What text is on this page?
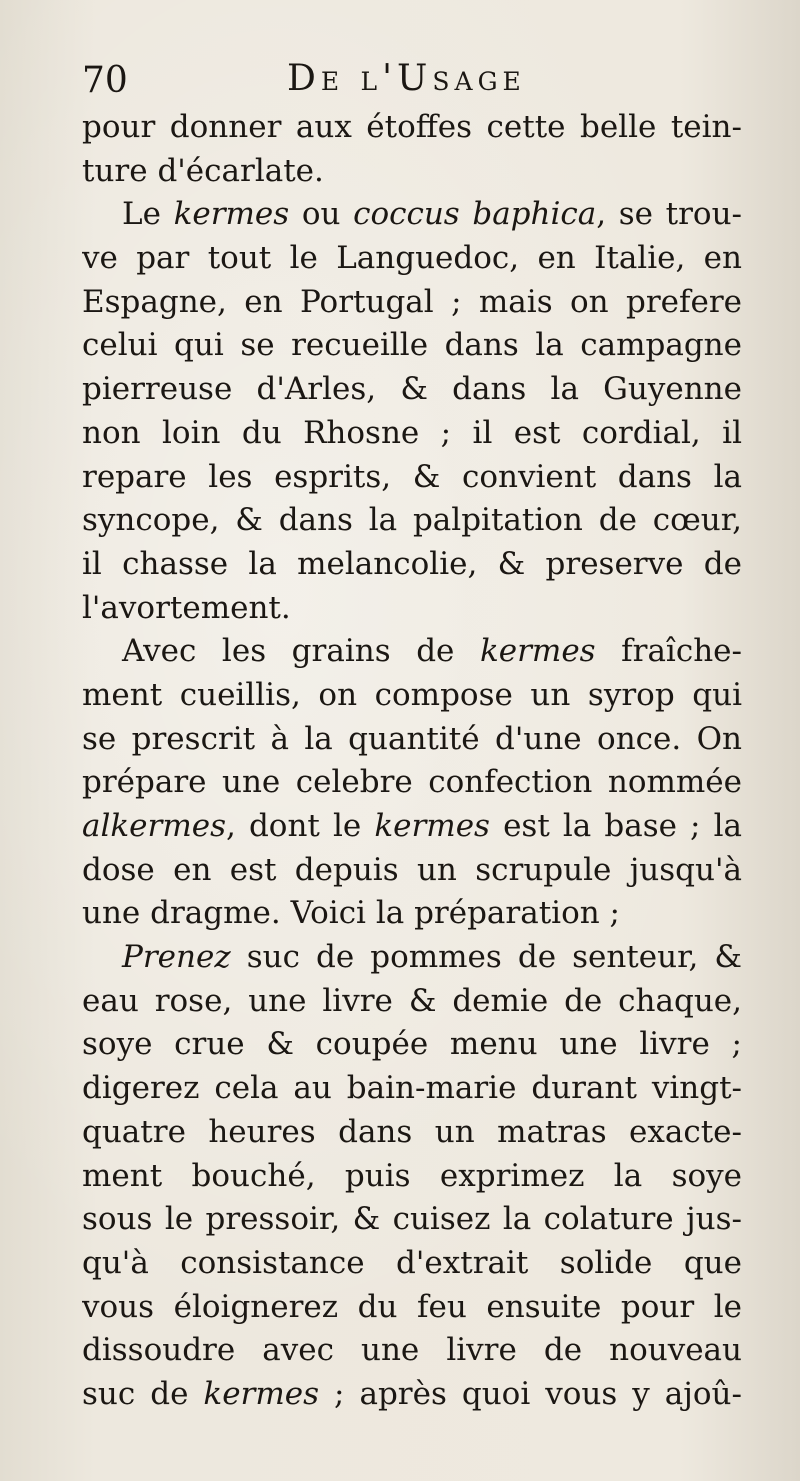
70	De l'Usage
pour donner aux étoffes cette belle tein-
ture d'écarlate.
Le kermes ou coccus baphica, se trou-
ve par tout le Languedoc, en Italie, en
Espagne, en Portugal ; mais on prefere
celui qui se recueille dans la campagne
pierreuse d'Arles, & dans la Guyenne
non loin du Rhosne ; il est cordial, il
repare les esprits, & convient dans la
syncope, & dans la palpitation de cœur,
il chasse la melancolie, & preserve de
l'avortement.
Avec les grains de kermes fraîche-
ment cueillis, on compose un syrop qui
se prescrit à la quantité d'une once. On
prépare une celebre confection nommée
alkermes, dont le kermes est la base ; la
dose en est depuis un scrupule jusqu'à
une dragme. Voici la préparation ;
Prenez suc de pommes de senteur, &
eau rose, une livre & demie de chaque,
soye crue & coupée menu une livre ;
digerez cela au bain-marie durant vingt-
quatre heures dans un matras exacte-
ment bouché, puis exprimez la soye
sous le pressoir, & cuisez la colature jus-
qu'à consistance d'extrait solide que
vous éloignerez du feu ensuite pour le
dissoudre avec une livre de nouveau
suc de kermes ; après quoi vous y ajoû-
